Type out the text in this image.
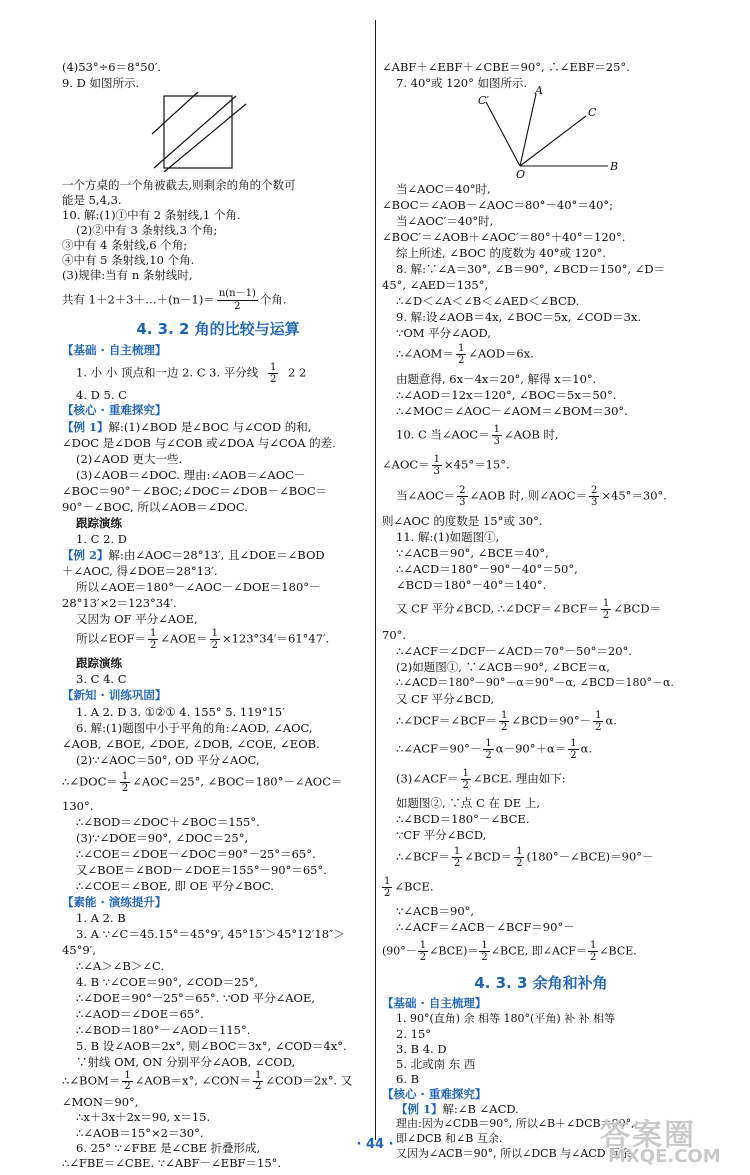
(4)53°÷6＝8°50′.
9. D 如图所示.
一个方桌的一个角被截去,则剩余的角的个数可
能是 5,4,3.
10. 解:(1)①中有 2 条射线,1 个角.
(2)②中有 3 条射线,3 个角;
③中有 4 条射线,6 个角;
④中有 5 条射线,10 个角.
(3)规律:当有 n 条射线时,
共有 1＋2＋3＋…＋(n－1)＝ $\frac{n(n-1)}{2}$ 个角.
4. 3. 2 角的比较与运算
【基础 · 自主梳理】
1. 小 小 顶点和一边 2. C 3. 平分线 $\frac{1}{2} 2$ 2
4. D 5. C
【核心 · 重难探究】
【例 1】解:(1)∠BOD 是∠BOC 与∠COD 的和,
∠DOC 是∠DOB 与∠COB 或∠DOA 与∠COA 的差.
(2)∠AOD 更大一些.
(3)∠AOB＝∠DOC. 理由:∠AOB＝∠AOC－
∠BOC＝90°－∠BOC;∠DOC＝∠DOB－∠BOC＝
90°－∠BOC, 所以∠AOB＝∠DOC.
跟踪演练
1. C 2. D
【例 2】解:由∠AOC＝28°13′, 且∠DOE＝∠BOD
＋∠AOC, 得∠DOE＝28°13′.
所以∠AOE＝180°－∠AOC－∠DOE＝180°－
28°13′×2＝123°34′.
又因为 OF 平分∠AOE,
所以∠EOF＝ $\frac{1}{2}$ ∠AOE＝ $\frac{1}{2} \times 123^\circ 34'=61^\circ 47'$.
跟踪演练
3. C 4. C
【新知 · 训练巩固】
1. A 2. D 3. ①②① 4. 155° 5. 119°15′
6. 解:(1)题图中小于平角的角:∠AOD, ∠AOC,
∠AOB, ∠BOE, ∠DOE, ∠DOB, ∠COE, ∠EOB.
(2)∵∠AOC＝50°, OD 平分∠AOC,
∴∠DOC＝ $\frac{1}{2}$ ∠AOC＝25°, ∠BOC＝180°－∠AOC＝
130°.
∴∠BOD＝∠DOC＋∠BOC＝155°.
(3)∵∠DOE＝90°, ∠DOC＝25°,
∴∠COE＝∠DOE－∠DOC＝90°－25°＝65°.
又∠BOE＝∠BOD－∠DOE＝155°－90°＝65°.
∴∠COE＝∠BOE, 即 OE 平分∠BOC.
【素能 · 演练提升】
1. A 2. B
3. A ∵∠C＝45.15°＝45°9′, 45°15′＞45°12′18″＞
45°9′,
∴∠A＞∠B＞∠C.
4. B ∵∠COE＝90°, ∠COD＝25°,
∴∠DOE＝90°－25°＝65°. ∵OD 平分∠AOE,
∴∠AOD＝∠DOE＝65°.
∴∠BOD＝180°－∠AOD＝115°.
5. B 设∠AOB＝2x°, 则∠BOC＝3x°, ∠COD＝4x°.
∵射线 OM, ON 分别平分∠AOB, ∠COD,
∴∠BOM＝ $\frac{1}{2}$ ∠AOB＝x°, ∠CON＝ $\frac{1}{2}$ ∠COD＝2x°. 又
∠MON＝90°,
∴x＋3x＋2x＝90, x＝15.
∠ABF＋∠EBF＋∠CBE＝90°, ∴∠EBF＝25°.
7. 40°或 120° 如图所示.
C′
A
C
O
B
当∠AOC＝40°时,
∠BOC＝∠AOB－∠AOC＝80°－40°＝40°;
当∠AOC′＝40°时,
∠BOC′＝∠AOB＋∠AOC′＝80°＋40°＝120°.
综上所述, ∠BOC 的度数为 40°或 120°.
8. 解:∵∠A＝30°, ∠B＝90°, ∠BCD＝150°, ∠D＝
45°, ∠AED＝135°,
∴∠D＜∠A＜∠B＜∠AED＜∠BCD.
9. 解:设∠AOB＝4x, ∠BOC＝5x, ∠COD＝3x.
∵OM 平分∠AOD,
∴∠AOM＝ $\frac{1}{2}$ ∠AOD＝6x.
由题意得, 6x－4x＝20°, 解得 x＝10°.
∴∠AOD＝12x＝120°, ∠BOC＝5x＝50°.
∴∠MOC＝∠AOC－∠AOM＝∠BOM＝30°.
10. C 当∠AOC＝ $\frac{1}{3}$ ∠AOB 时,
∠AOC＝ $\frac{1}{3} \times 45^\circ=15^\circ$.
当∠AOC＝ $\frac{2}{3}$ ∠AOB 时, 则∠AOC＝ $\frac{2}{3} \times 45^\circ=30^\circ$.
则∠AOC 的度数是 15°或 30°.
11. 解:(1)如题图①,
∵∠ACB＝90°, ∠BCE＝40°,
∴∠ACD＝180°－90°－40°＝50°,
∠BCD＝180°－40°＝140°.
又 CF 平分∠BCD, ∴∠DCF＝∠BCF＝ $\frac{1}{2}$ ∠BCD＝
70°.
∴∠ACF＝∠DCF－∠ACD＝70°－50°＝20°.
(2)如题图①, ∵∠ACB＝90°, ∠BCE＝α,
∴∠ACD＝180°－90°－α＝90°－α, ∠BCD＝180°－α.
又 CF 平分∠BCD,
∴∠DCF＝∠BCF＝ $\frac{1}{2}$ ∠BCD＝90°－ $\frac{1}{2} \alpha$.
∴∠ACF＝90°－ $\frac{1}{2} \alpha-90^\circ+\alpha= \frac{1}{2} \alpha$.
(3)∠ACF＝ $\frac{1}{2}$ ∠BCE. 理由如下:
如题图②, ∵点 C 在 DE 上,
∴∠BCD＝180°－∠BCE.
∵CF 平分∠BCD,
∴∠BCF＝ $\frac{1}{2}$ ∠BCD＝ $\frac{1}{2}$ (180°－∠BCE)＝90°－
$\frac{1}{2}$ ∠BCE.
∵∠ACB＝90°,
∴∠ACF＝∠ACB－∠BCF＝90°－
($90^\circ- \frac{1}{2}$ ∠BCE)＝ $\frac{1}{2}$ ∠BCE, 即∠ACF＝ $\frac{1}{2}$ ∠BCE.
4. 3. 3 余角和补角
【基础 · 自主梳理】
1. 90°(直角) 余 相等 180°(平角) 补 补 相等
2. 15°
3. B 4. D
5. 北或南 东 西
6. B
【核心 · 重难探究】
【例 1】解:∠B ∠ACD.
理由:因为∠CDB＝90°, 所以∠B＋∠DCB＝90°,
即∠DCB 和∠B 互余.
又因为∠ACB＝90°, 所以∠DCB 与∠ACD 互余.
∴∠AOB＝15°×2＝30°.
6. 25° ∵∠FBE 是∠CBE 折叠形成,
∴∠FBE＝∠CBE. ∵∠ABF－∠EBF＝15°.
· 44 ·	答案圈
MXQE.COM
